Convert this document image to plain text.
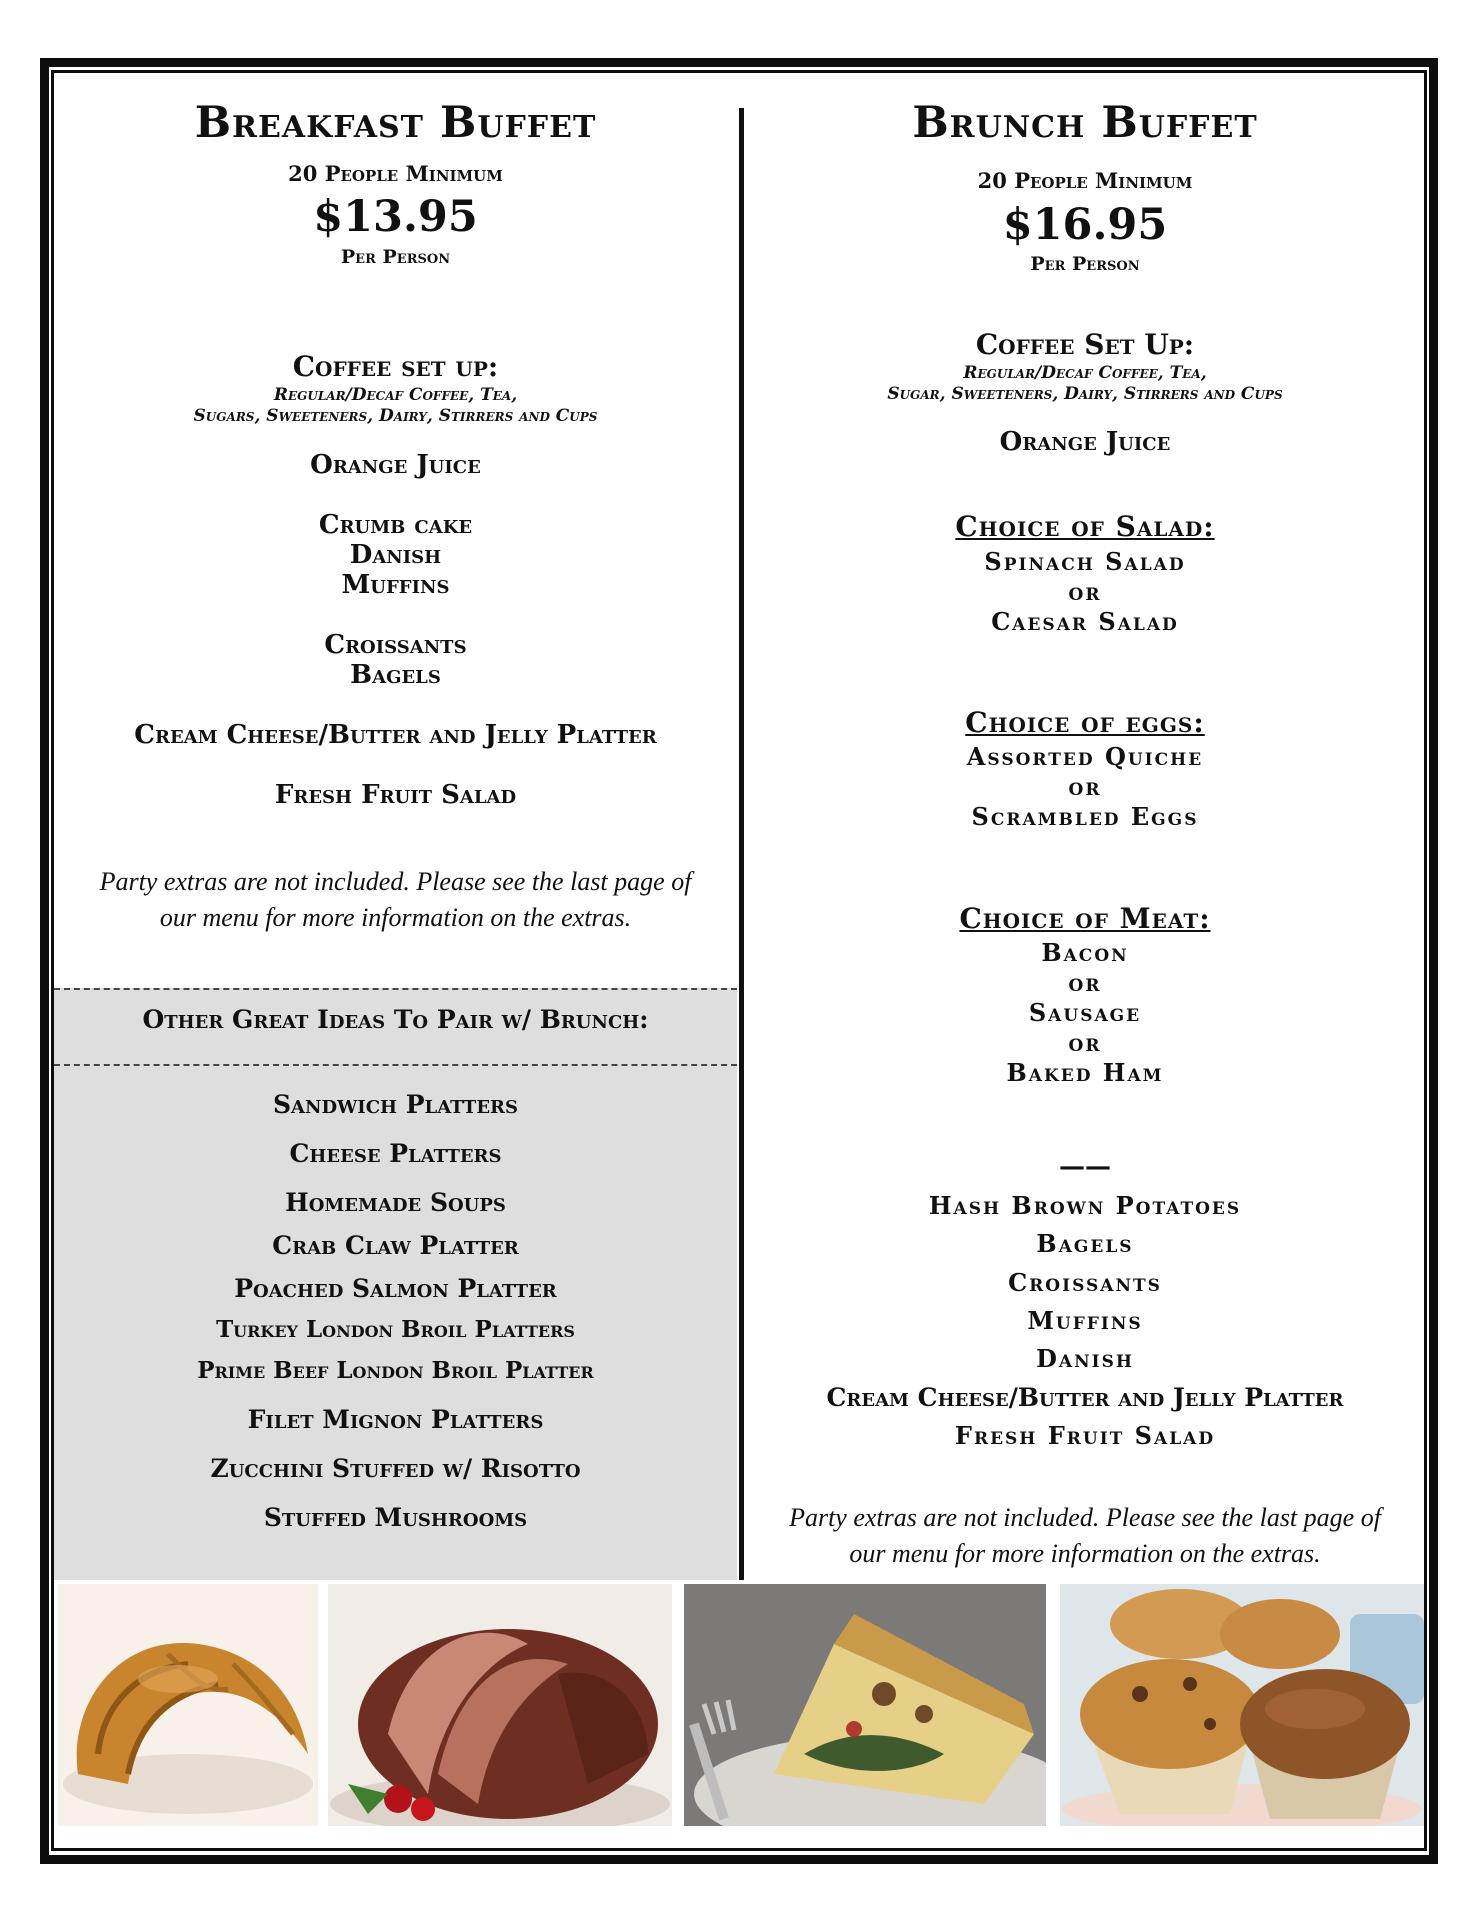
Breakfast Buffet
20 People Minimum
$13.95
Per Person
Coffee set up:
Regular/Decaf Coffee, Tea,
Sugars, Sweeteners, Dairy, Stirrers and Cups
Orange Juice
Crumb cake
Danish
Muffins
Croissants
Bagels
Cream Cheese/Butter and Jelly Platter
Fresh Fruit Salad
Party extras are not included. Please see the last page of
our menu for more information on the extras.
Other Great Ideas To Pair w/ Brunch:
Sandwich Platters
Cheese Platters
Homemade Soups
Crab Claw Platter
Poached Salmon Platter
Turkey London Broil Platters
Prime Beef London Broil Platter
Filet Mignon Platters
Zucchini Stuffed w/ Risotto
Stuffed Mushrooms
Brunch Buffet
20 People Minimum
$16.95
Per Person
Coffee Set Up:
Regular/Decaf Coffee, Tea,
Sugar, Sweeteners, Dairy, Stirrers and Cups
Orange Juice
Choice of Salad:
Spinach Salad
or
Caesar Salad
Choice of eggs:
Assorted Quiche
or
Scrambled Eggs
Choice of Meat:
Bacon
or
Sausage
or
Baked Ham
——
Hash Brown Potatoes
Bagels
Croissants
Muffins
Danish
Cream Cheese/Butter and Jelly Platter
Fresh Fruit Salad
Party extras are not included. Please see the last page of
our menu for more information on the extras.
